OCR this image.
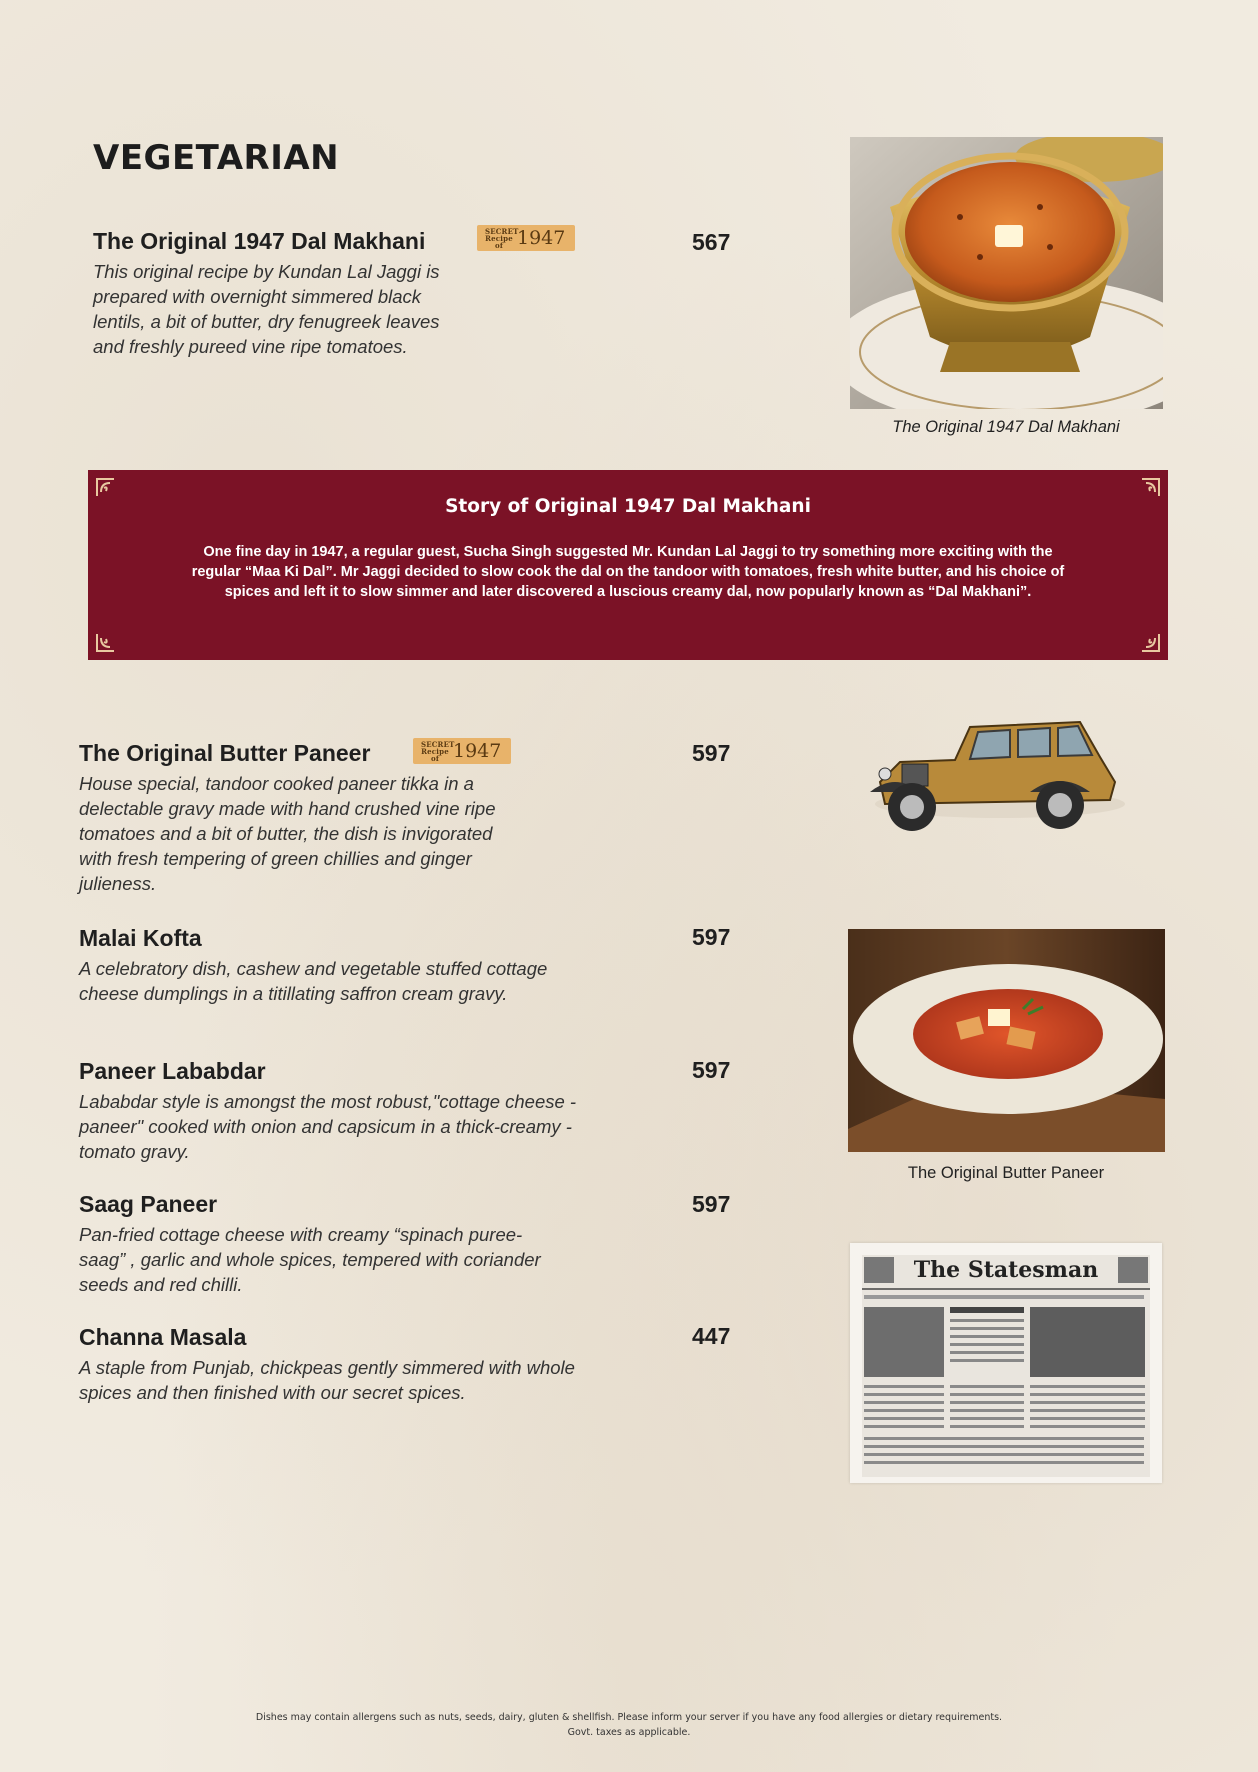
VEGETARIAN

The Original 1947 Dal Makhani

This original recipe by Kundan Lal Jaggi is prepared with overnight simmered black lentils, a bit of butter, dry fenugreek leaves and freshly pureed vine ripe tomatoes.

SECRET Recipe of 1947	567
The Original 1947 Dal Makhani
Story of Original 1947 Dal Makhani
One fine day in 1947, a regular guest, Sucha Singh suggested Mr. Kundan Lal Jaggi to try something more exciting with the regular “Maa Ki Dal”. Mr Jaggi decided to slow cook the dal on the tandoor with tomatoes, fresh white butter, and his choice of spices and left it to slow simmer and later discovered a luscious creamy dal, now popularly known as “Dal Makhani”.

The Original Butter Paneer

House special, tandoor cooked paneer tikka in a delectable gravy made with hand crushed vine ripe tomatoes and a bit of butter, the dish is invigorated with fresh tempering of green chillies and ginger julieness.

SECRET Recipe of 1947	597

Malai Kofta

A celebratory dish, cashew and vegetable stuffed cottage cheese dumplings in a titillating saffron cream gravy.

597

Paneer Lababdar

Lababdar style is amongst the most robust,"cottage cheese - paneer" cooked with onion and capsicum in a thick-creamy - tomato gravy.

597

Saag Paneer

Pan-fried cottage cheese with creamy “spinach puree-saag” , garlic and whole spices, tempered with coriander seeds and red chilli.

597

Channa Masala

A staple from Punjab, chickpeas gently simmered with whole spices and then finished with our secret spices.

447
The Original Butter Paneer
The Statesman
Dishes may contain allergens such as nuts, seeds, dairy, gluten & shellfish. Please inform your server if you have any food allergies or dietary requirements.
Govt. taxes as applicable.
